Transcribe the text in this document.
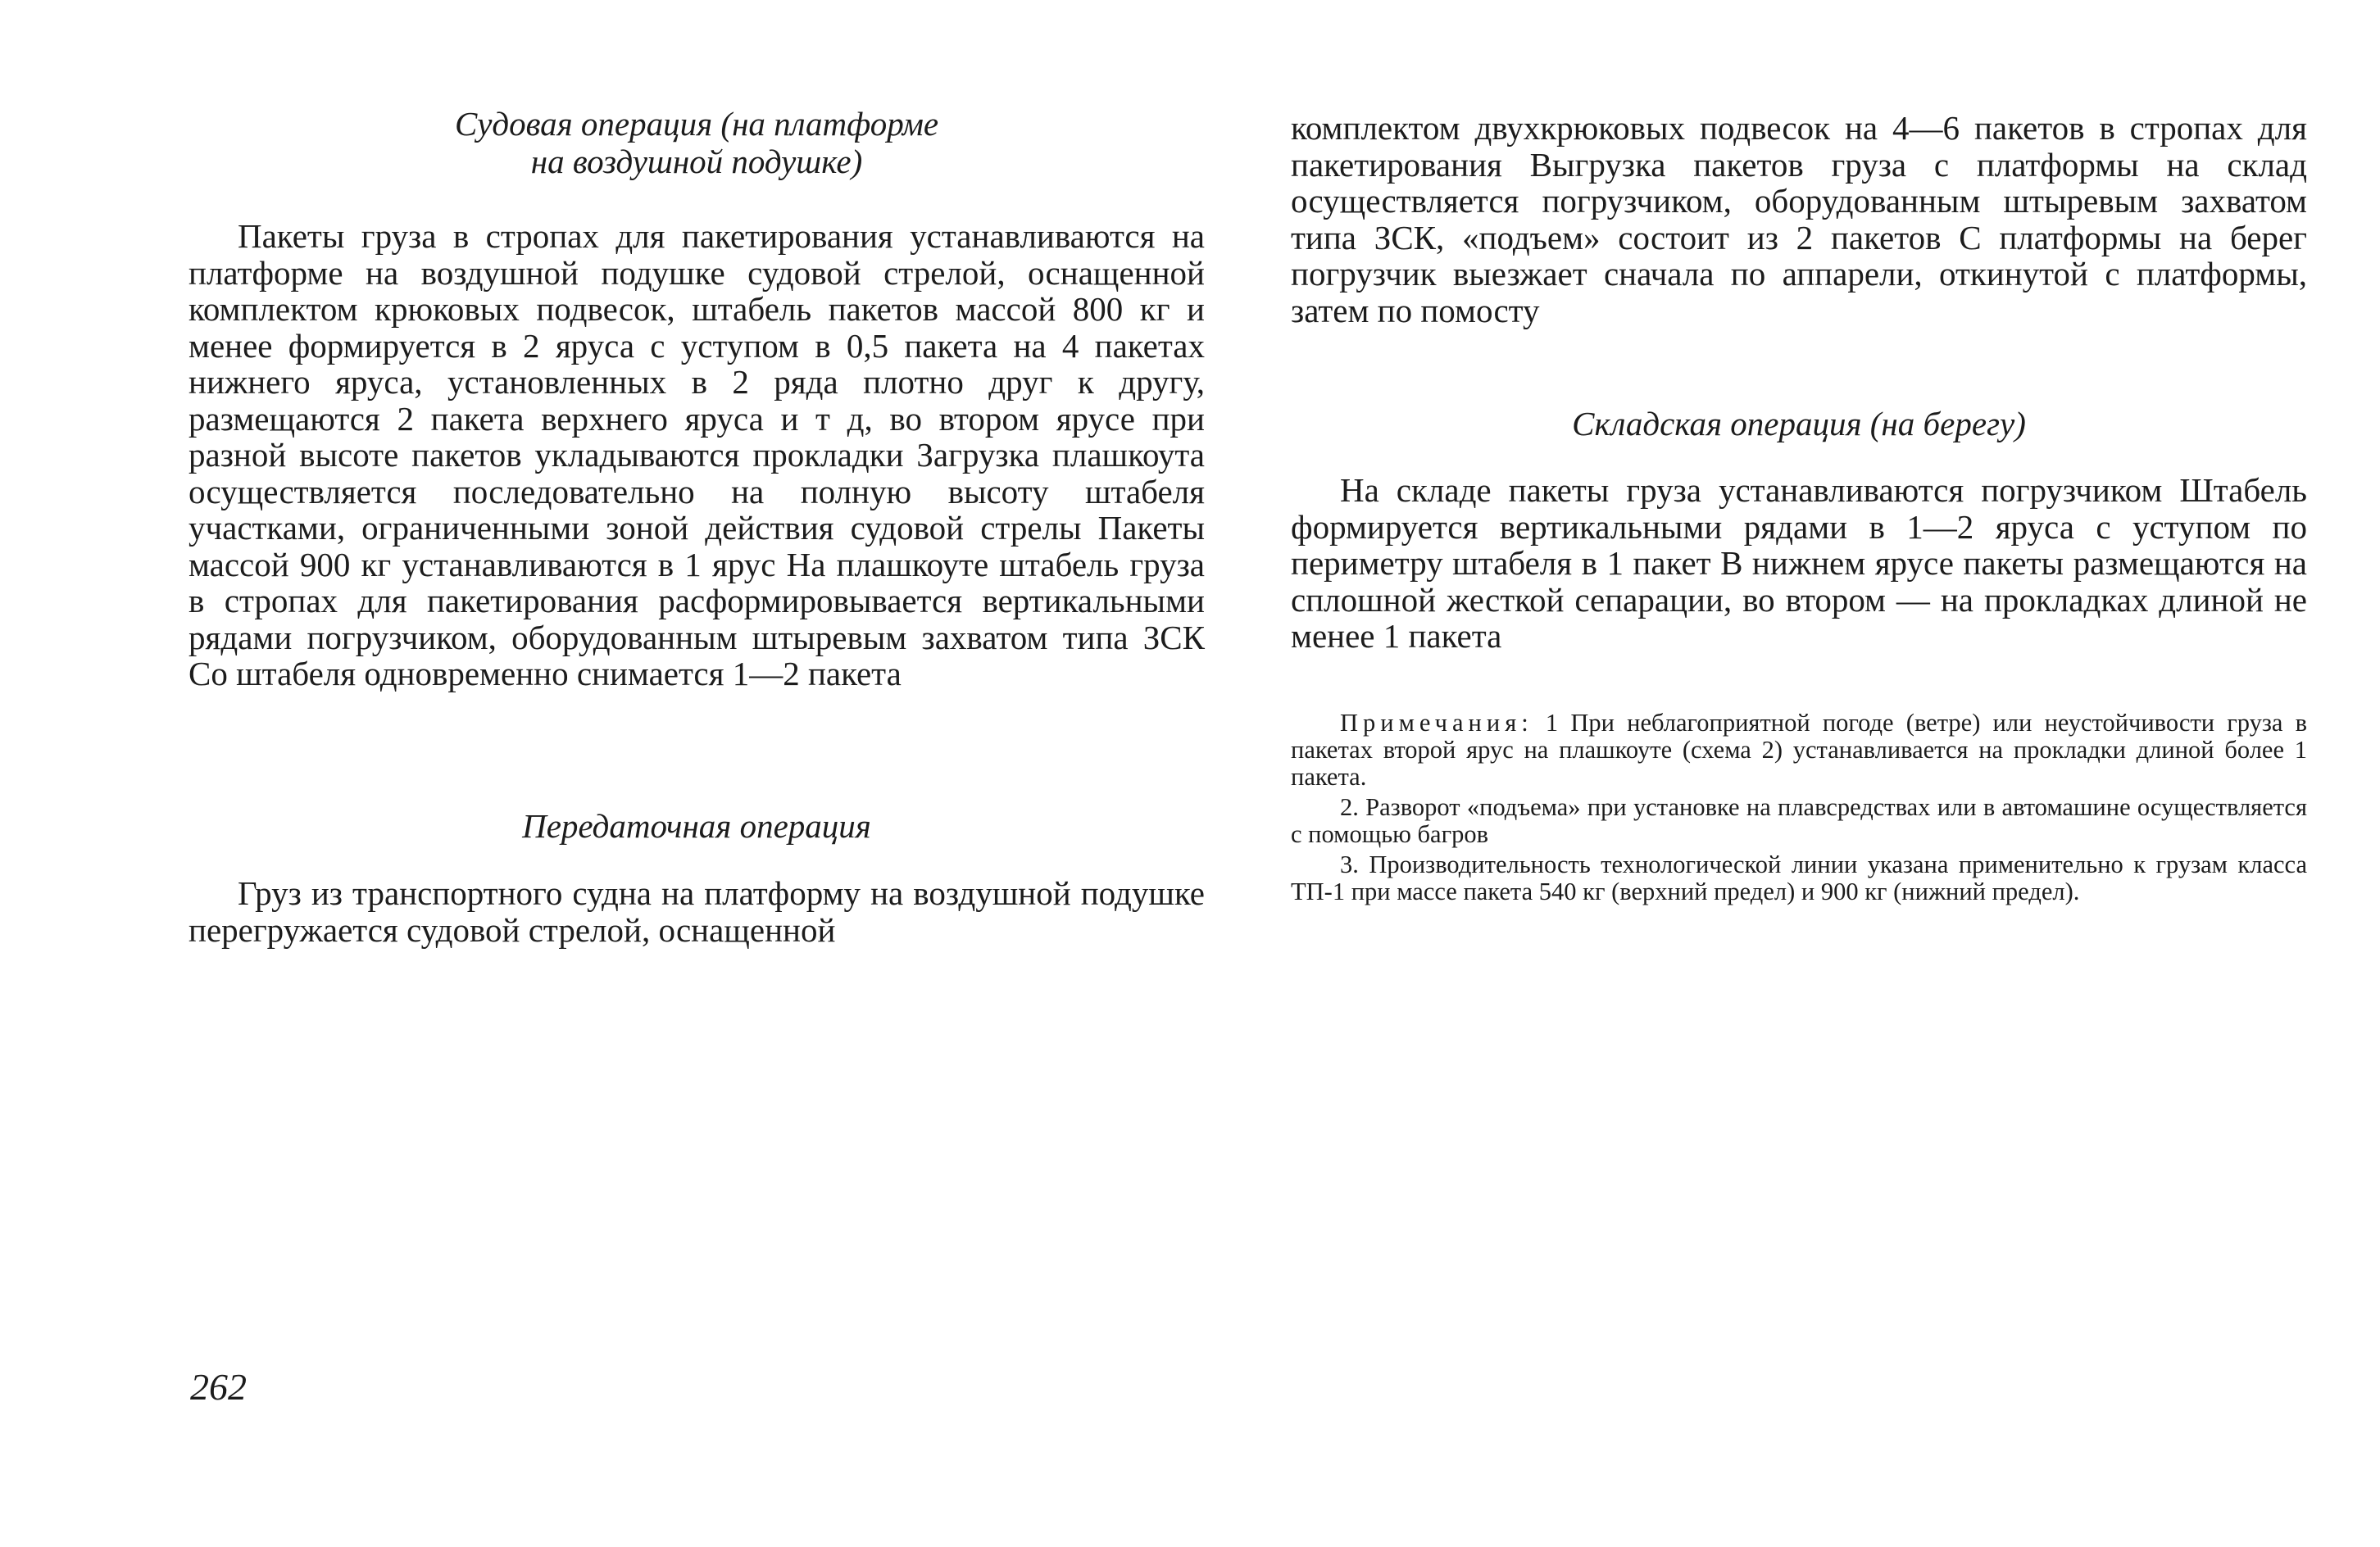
Судовая операция (на платформе
на воздушной подушке)

Пакеты груза в стропах для пакетирования устанавливаются на платформе на воздушной подушке судовой стрелой, оснащенной комплектом крюковых подвесок, штабель пакетов массой 800 кг и менее формируется в 2 яруса с уступом в 0,5 пакета на 4 пакетах нижнего яруса, установленных в 2 ряда плотно друг к другу, размещаются 2 пакета верхнего яруса и т д, во втором ярусе при разной высоте пакетов укладываются прокладки Загрузка плашкоута осуществляется последовательно на полную высоту штабеля участками, ограниченными зоной действия судовой стрелы Пакеты массой 900 кг устанавливаются в 1 ярус На плашкоуте штабель груза в стропах для пакетирования расформировывается вертикальными рядами погрузчиком, оборудованным штыревым захватом типа ЗСК Со штабеля одновременно снимается 1—2 пакета

Передаточная операция

Груз из транспортного судна на платформу на воздушной подушке перегружается судовой стрелой, оснащенной

комплектом двухкрюковых подвесок на 4—6 пакетов в стропах для пакетирования Выгрузка пакетов груза с платформы на склад осуществляется погрузчиком, оборудованным штыревым захватом типа ЗСК, «подъем» состоит из 2 пакетов С платформы на берег погрузчик выезжает сначала по аппарели, откинутой с платформы, затем по помосту

Складская операция (на берегу)

На складе пакеты груза устанавливаются погрузчиком Штабель формируется вертикальными рядами в 1—2 яруса с уступом по периметру штабеля в 1 пакет В нижнем ярусе пакеты размещаются на сплошной жесткой сепарации, во втором — на прокладках длиной не менее 1 пакета

Примечания: 1 При неблагоприятной погоде (ветре) или неустойчивости груза в пакетах второй ярус на плашкоуте (схема 2) устанавливается на прокладки длиной более 1 пакета.

2. Разворот «подъема» при установке на плавсредствах или в автомашине осуществляется с помощью багров

3. Производительность технологической линии указана применительно к грузам класса ТП-1 при массе пакета 540 кг (верхний предел) и 900 кг (нижний предел).

262
